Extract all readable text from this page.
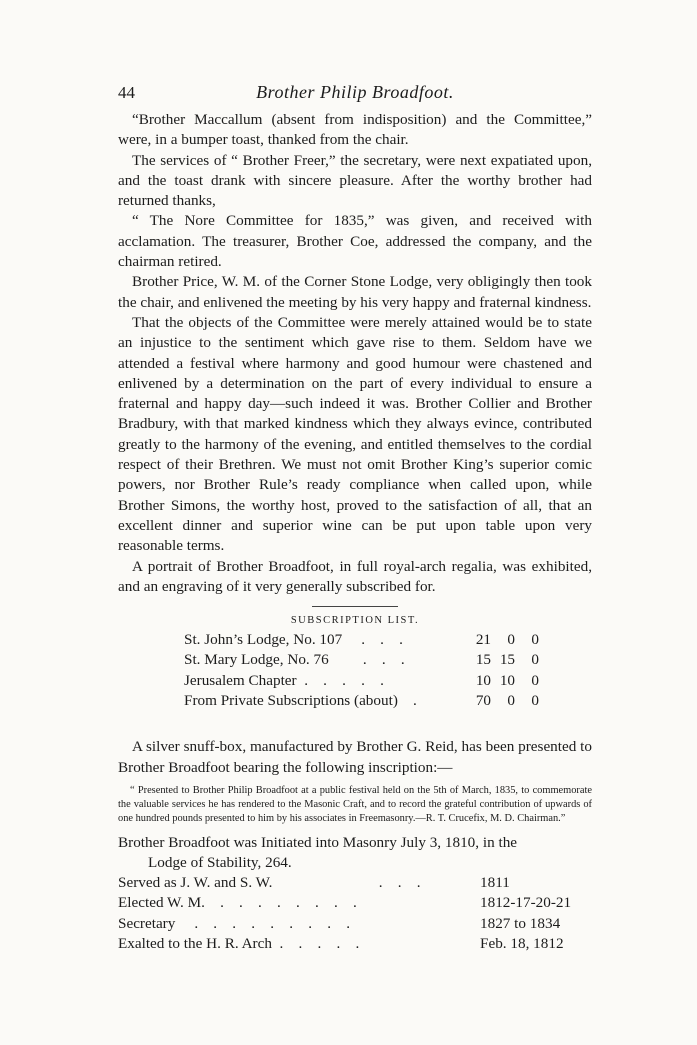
44	Brother Philip Broadfoot.

“Brother Maccallum (absent from indisposition) and the Committee,” were, in a bumper toast, thanked from the chair.

The services of “ Brother Freer,” the secretary, were next expatiated upon, and the toast drank with sincere pleasure. After the worthy brother had returned thanks,

“ The Nore Committee for 1835,” was given, and received with acclamation. The treasurer, Brother Coe, addressed the company, and the chairman retired.

Brother Price, W. M. of the Corner Stone Lodge, very obligingly then took the chair, and enlivened the meeting by his very happy and fraternal kindness.

That the objects of the Committee were merely attained would be to state an injustice to the sentiment which gave rise to them. Seldom have we attended a festival where harmony and good humour were chastened and enlivened by a determination on the part of every individual to ensure a fraternal and happy day—such indeed it was. Brother Collier and Brother Bradbury, with that marked kindness which they always evince, contributed greatly to the harmony of the evening, and entitled themselves to the cordial respect of their Brethren. We must not omit Brother King’s superior comic powers, nor Brother Rule’s ready compliance when called upon, while Brother Simons, the worthy host, proved to the satisfaction of all, that an excellent dinner and superior wine can be put upon table upon very reasonable terms.

A portrait of Brother Broadfoot, in full royal-arch regalia, was exhibited, and an engraving of it very generally subscribed for.

SUBSCRIPTION LIST.
St. John’s Lodge, No. 107     .    .    .	21	0	0
St. Mary Lodge, No. 76         .    .    .	15 15	0
Jerusalem Chapter  .    .    .    .    .	10 10	0
From Private Subscriptions (about)    .	70	0	0

A silver snuff-box, manufactured by Brother G. Reid, has been presented to Brother Broadfoot bearing the following inscription:—

“ Presented to Brother Philip Broadfoot at a public festival held on the 5th of March, 1835, to commemorate the valuable services he has rendered to the Masonic Craft, and to record the grateful contribution of upwards of one hundred pounds presented to him by his associates in Freemasonry.—R. T. Crucefix, M. D. Chairman.”

Brother Broadfoot was Initiated into Masonry July 3, 1810, in the

Lodge of Stability, 264.

Served as J. W. and S. W.                            .    .    .	1811
Elected W. M.    .    .    .    .    .    .    .    .	1812-17-20-21
Secretary     .    .    .    .    .    .    .    .    .	1827 to 1834
Exalted to the H. R. Arch  .    .    .    .    .	Feb. 18, 1812
